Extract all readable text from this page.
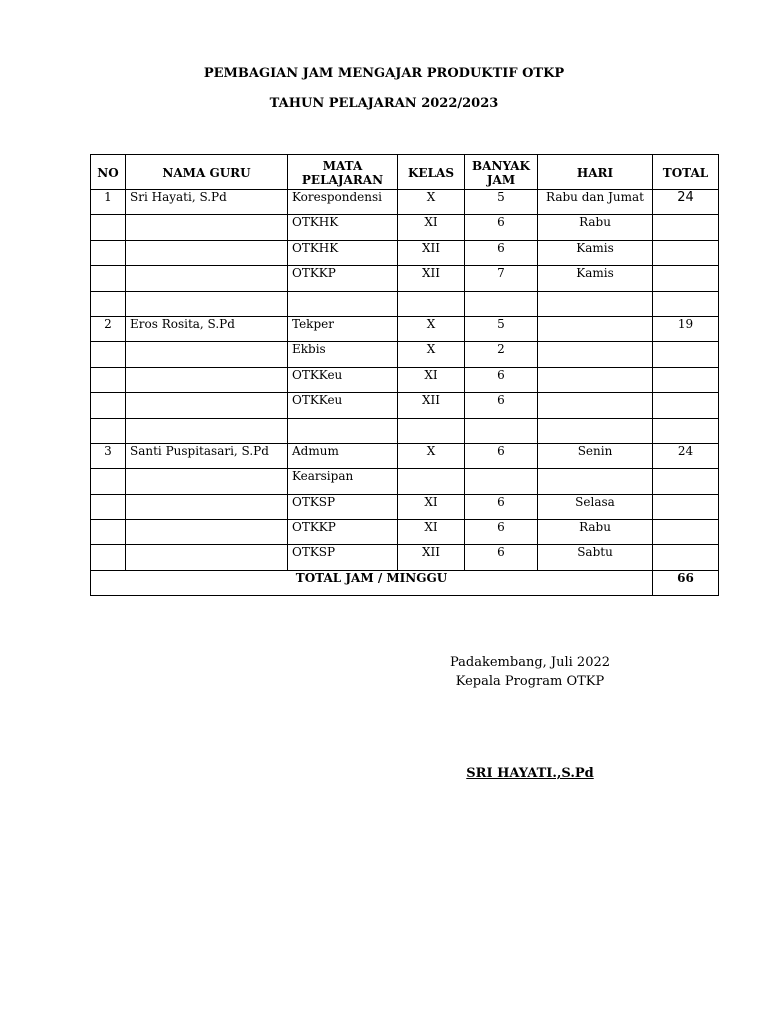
PEMBAGIAN JAM MENGAJAR PRODUKTIF OTKP
TAHUN PELAJARAN 2022/2023
NO	NAMA GURU	MATA PELAJARAN	KELAS	BANYAK JAM	HARI	TOTAL
1	Sri Hayati, S.Pd	Korespondensi	X	5	Rabu dan Jumat	24
		OTKHK	XI	6	Rabu	
		OTKHK	XII	6	Kamis	
		OTKKP	XII	7	Kamis	

2	Eros Rosita, S.Pd	Tekper	X	5		19
		Ekbis	X	2		
		OTKKeu	XI	6		
		OTKKeu	XII	6		

3	Santi Puspitasari, S.Pd	Admum	X	6	Senin	24
		Kearsipan				
		OTKSP	XI	6	Selasa	
		OTKKP	XI	6	Rabu	
		OTKSP	XII	6	Sabtu	
TOTAL JAM / MINGGU						66
Padakembang, Juli 2022
Kepala Program OTKP
SRI HAYATI.,S.Pd
